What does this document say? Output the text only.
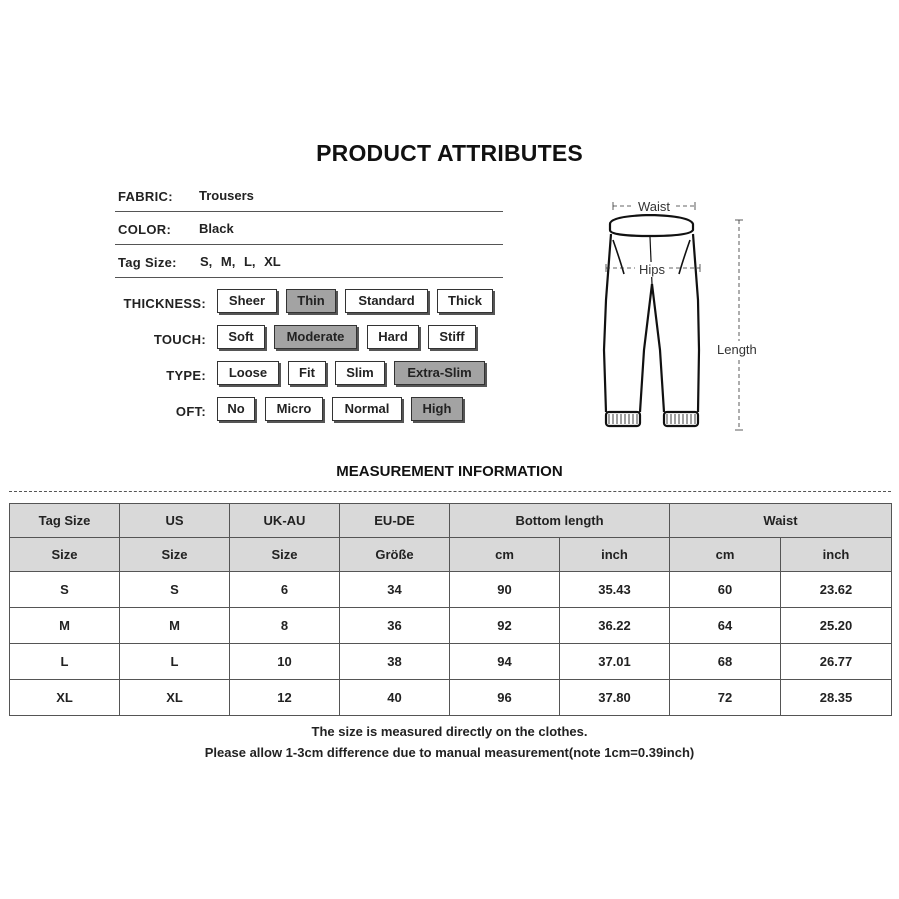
PRODUCT ATTRIBUTES
FABRIC: Trousers
COLOR: Black
Tag Size: S, M, L, XL
THICKNESS:	Sheer	Thin	Standard	Thick
TOUCH:	Soft	Moderate	Hard	Stiff
TYPE:	Loose	Fit	Slim	Extra-Slim
OFT:	No	Micro	Normal	High
Waist
Hips
Length
MEASUREMENT INFORMATION
Tag Size	US	UK-AU	EU-DE	Bottom length		Waist	
Size	Size	Size	Größe	cm	inch	cm	inch
S	S	6	34	90	35.43	60	23.62
M	M	8	36	92	36.22	64	25.20
L	L	10	38	94	37.01	68	26.77
XL	XL	12	40	96	37.80	72	28.35
The size is measured directly on the clothes.
Please allow 1-3cm difference due to manual measurement(note 1cm=0.39inch)
